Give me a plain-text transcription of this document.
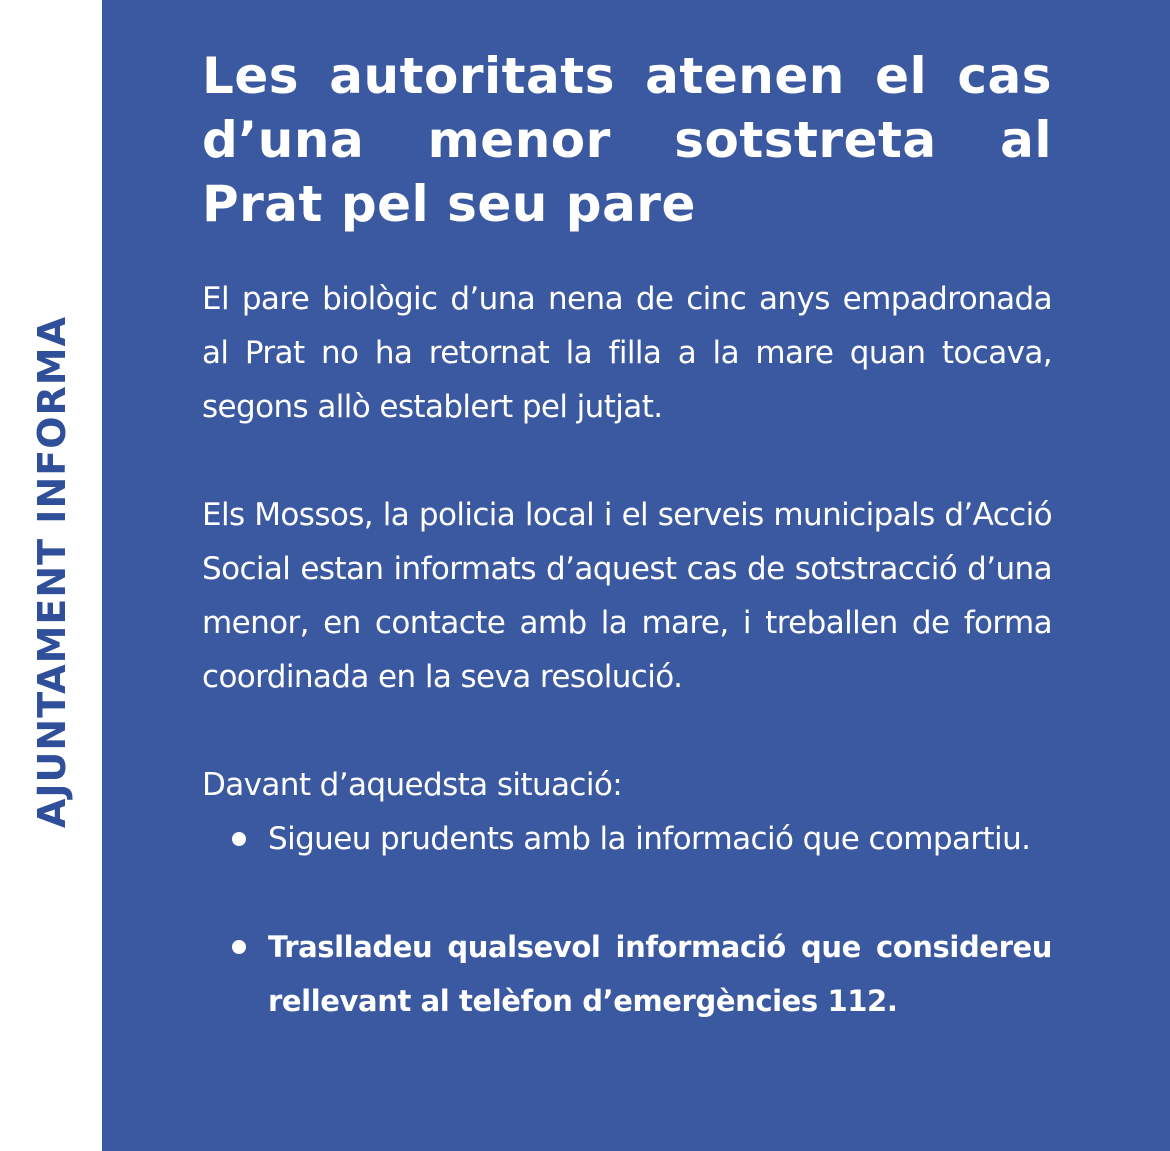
AJUNTAMENT INFORMA
Les autoritats atenen el cas d’una menor sotstreta al Prat pel seu pare

El pare biològic d’una nena de cinc anys empadronada al Prat no ha retornat la filla a la mare quan tocava, segons allò establert pel jutjat.

Els Mossos, la policia local i el serveis municipals d’Acció Social estan informats d’aquest cas de sotstracció d’una menor, en contacte amb la mare, i treballen de forma coordinada en la seva resolució.

Davant d’aquedsta situació:

Sigueu prudents amb la informació que compartiu.
Traslladeu qualsevol informació que considereu rellevant al telèfon d’emergències 112.
